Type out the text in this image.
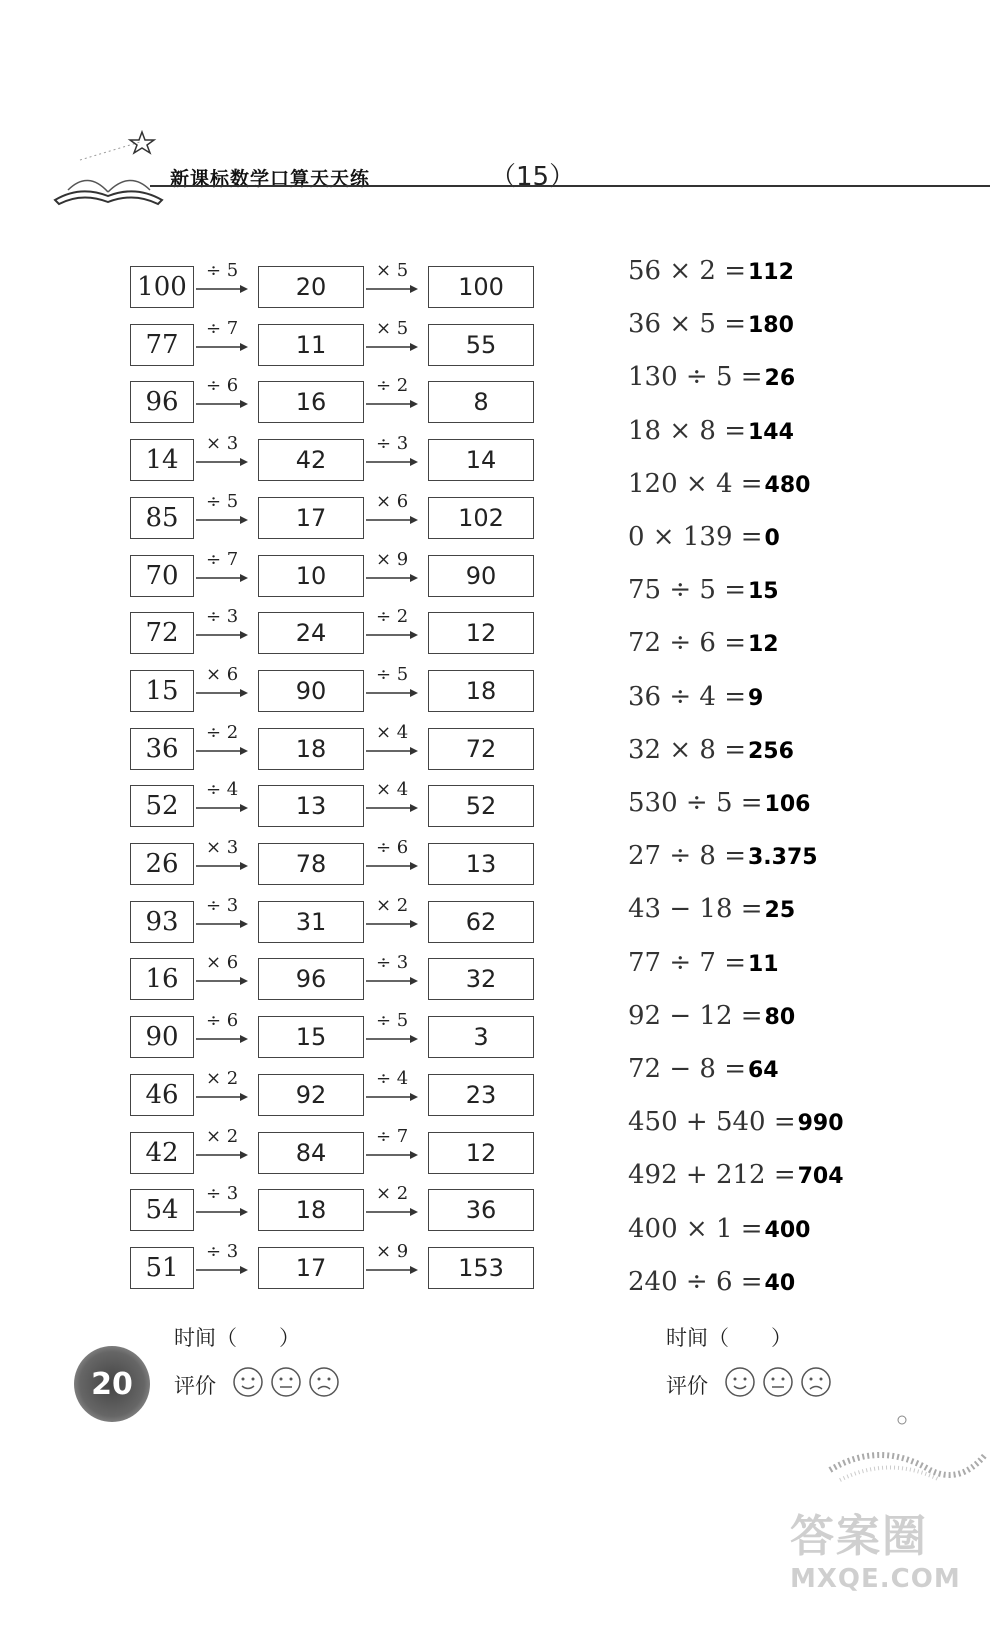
新课标数学口算天天练	（15）
100
÷ 5
20
× 5
100
77
÷ 7
11
× 5
55
96
÷ 6
16
÷ 2
8
14
× 3
42
÷ 3
14
85
÷ 5
17
× 6
102
70
÷ 7
10
× 9
90
72
÷ 3
24
÷ 2
12
15
× 6
90
÷ 5
18
36
÷ 2
18
× 4
72
52
÷ 4
13
× 4
52
26
× 3
78
÷ 6
13
93
÷ 3
31
× 2
62
16
× 6
96
÷ 3
32
90
÷ 6
15
÷ 5
3
46
× 2
92
÷ 4
23
42
× 2
84
÷ 7
12
54
÷ 3
18
× 2
36
51
÷ 3
17
× 9
153
56 × 2 =112
36 × 5 =180
130 ÷ 5 =26
18 × 8 =144
120 × 4 =480
0 × 139 =0
75 ÷ 5 =15
72 ÷ 6 =12
36 ÷ 4 =9
32 × 8 =256
530 ÷ 5 =106
27 ÷ 8 =3.375
43 − 18 =25
77 ÷ 7 =11
92 − 12 =80
72 − 8 =64
450 + 540 =990
492 + 212 =704
400 × 1 =400
240 ÷ 6 =40
时间（　　）
评价
时间（　　）
评价
20
答案圈
MXQE.COM
